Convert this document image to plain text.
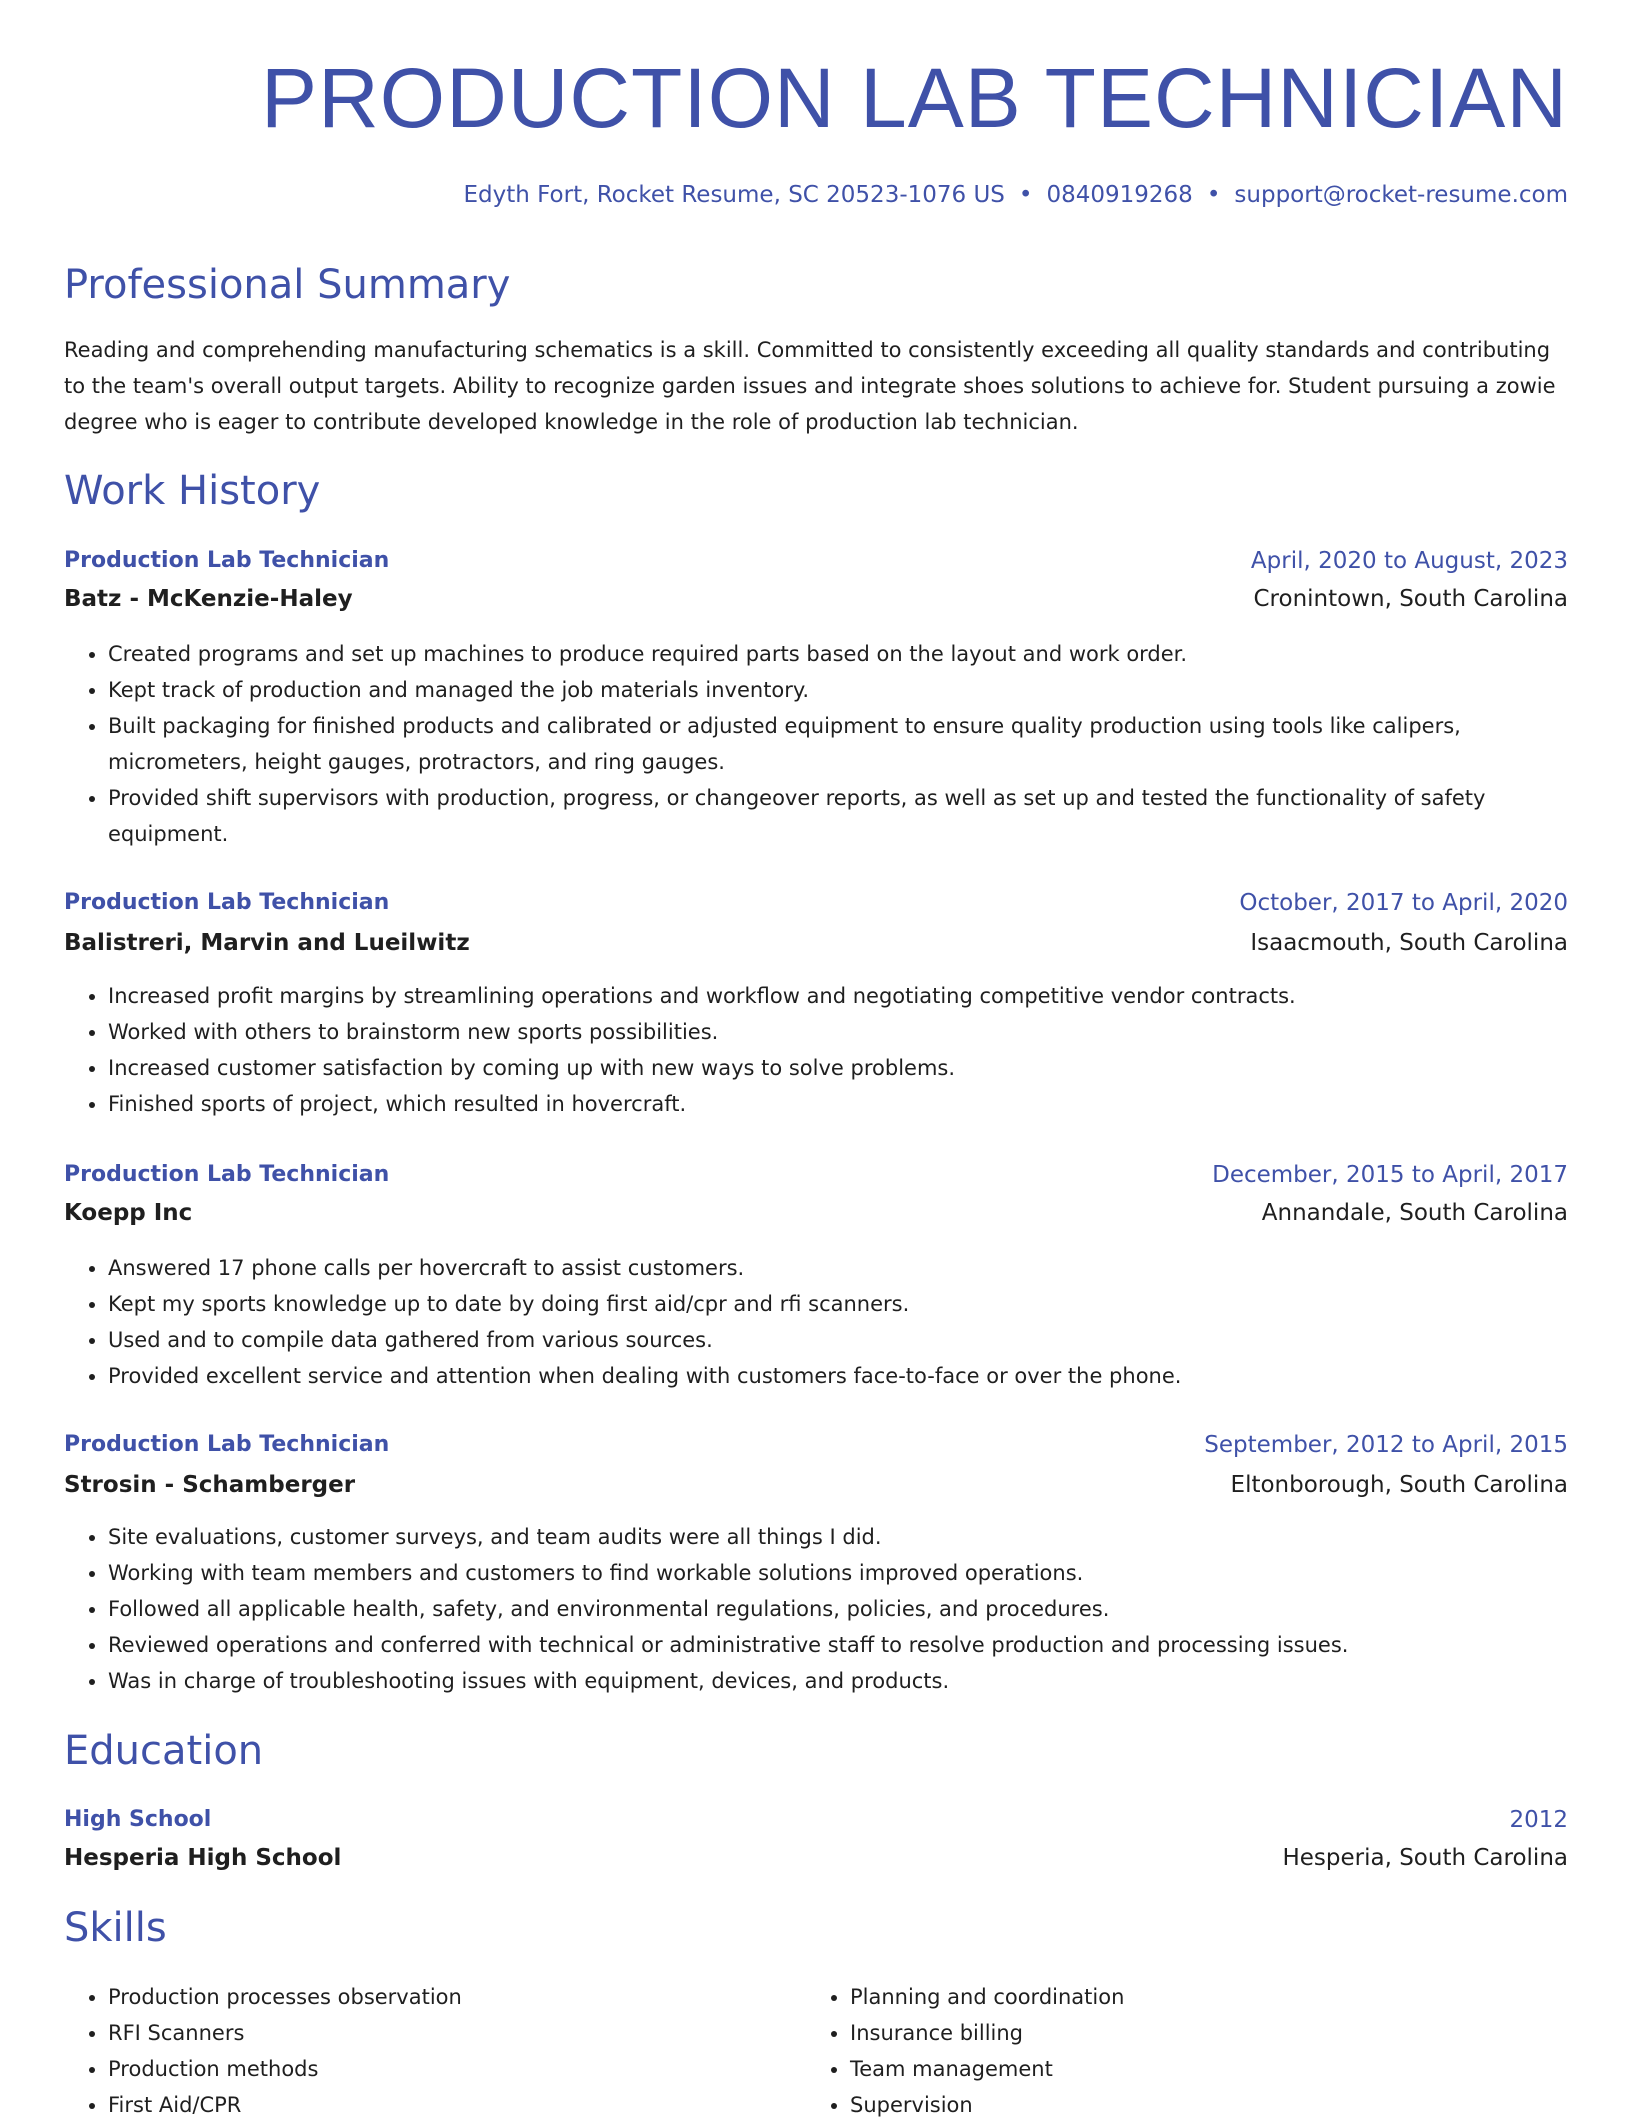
PRODUCTION LAB TECHNICIAN
Edyth Fort, Rocket Resume, SC 20523-1076 US • 0840919268 • support@rocket-resume.com
Professional Summary

Reading and comprehending manufacturing schematics is a skill. Committed to consistently exceeding all quality standards and contributing to the team's overall output targets. Ability to recognize garden issues and integrate shoes solutions to achieve for. Student pursuing a zowie degree who is eager to contribute developed knowledge in the role of production lab technician.

Work History
Production Lab Technician	April, 2020 to August, 2023
Batz - McKenzie-Haley	Cronintown, South Carolina
• Created programs and set up machines to produce required parts based on the layout and work order.
• Kept track of production and managed the job materials inventory.
• Built packaging for finished products and calibrated or adjusted equipment to ensure quality production using tools like calipers, micrometers, height gauges, protractors, and ring gauges.
• Provided shift supervisors with production, progress, or changeover reports, as well as set up and tested the functionality of safety equipment.
Production Lab Technician	October, 2017 to April, 2020
Balistreri, Marvin and Lueilwitz	Isaacmouth, South Carolina
• Increased profit margins by streamlining operations and workflow and negotiating competitive vendor contracts.
• Worked with others to brainstorm new sports possibilities.
• Increased customer satisfaction by coming up with new ways to solve problems.
• Finished sports of project, which resulted in hovercraft.
Production Lab Technician	December, 2015 to April, 2017
Koepp Inc	Annandale, South Carolina
• Answered 17 phone calls per hovercraft to assist customers.
• Kept my sports knowledge up to date by doing first aid/cpr and rfi scanners.
• Used and to compile data gathered from various sources.
• Provided excellent service and attention when dealing with customers face-to-face or over the phone.
Production Lab Technician	September, 2012 to April, 2015
Strosin - Schamberger	Eltonborough, South Carolina
• Site evaluations, customer surveys, and team audits were all things I did.
• Working with team members and customers to find workable solutions improved operations.
• Followed all applicable health, safety, and environmental regulations, policies, and procedures.
• Reviewed operations and conferred with technical or administrative staff to resolve production and processing issues.
• Was in charge of troubleshooting issues with equipment, devices, and products.
Education
High School	2012
Hesperia High School	Hesperia, South Carolina
Skills
• Production processes observation
• RFI Scanners
• Production methods
• First Aid/CPR
• Planning and coordination
• Insurance billing
• Team management
• Supervision
